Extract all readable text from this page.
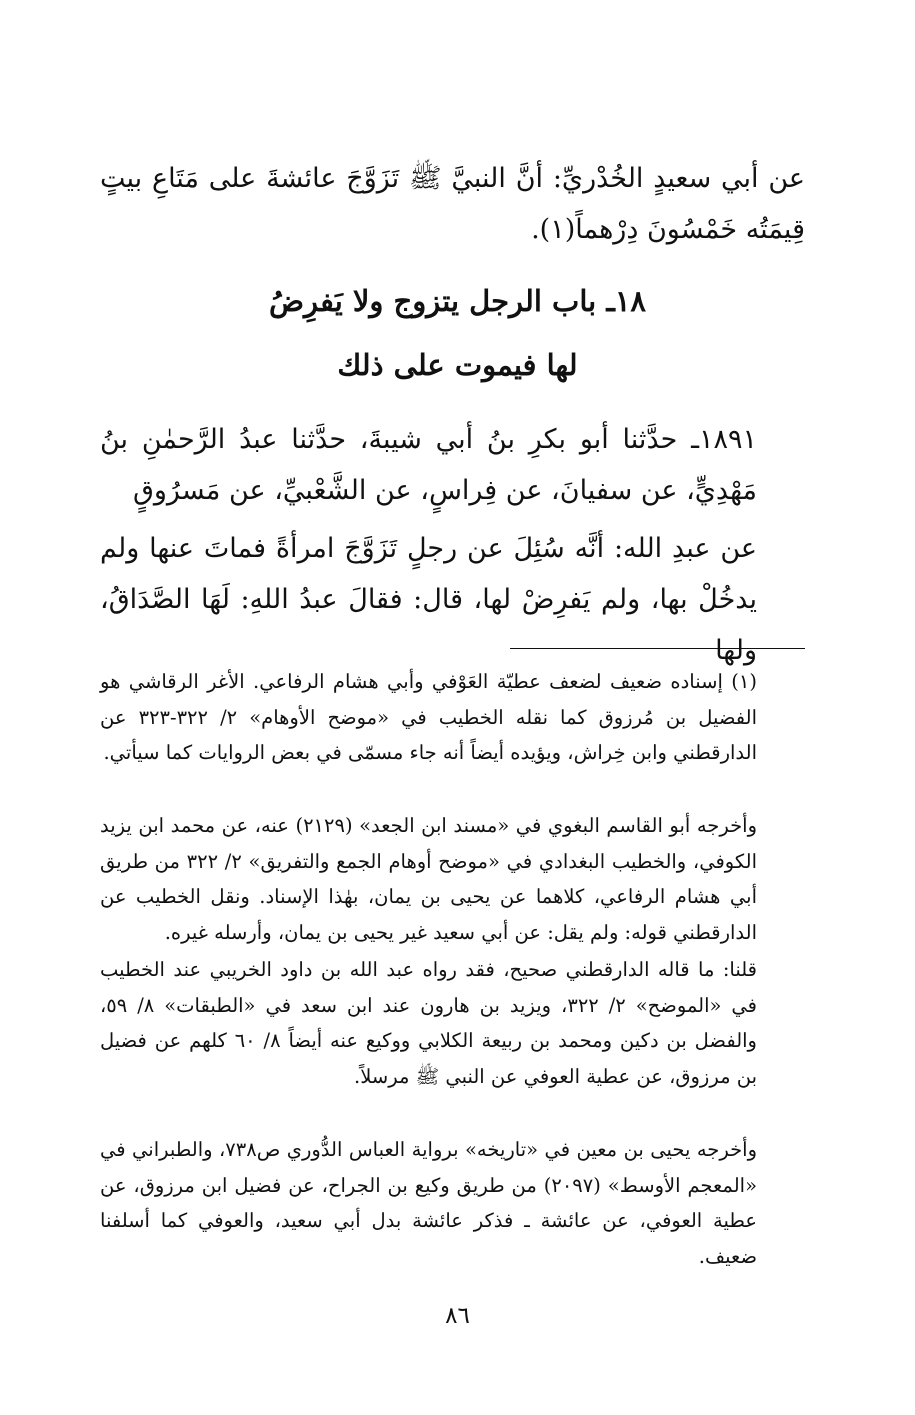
عن أبي سعيدٍ الخُدْريِّ: أنَّ النبيَّ ﷺ تَزَوَّجَ عائشةَ على مَتَاعِ بيتٍ قِيمَتُه خَمْسُونَ دِرْهماً(١).
١٨ـ باب الرجل يتزوج ولا يَفرِضُ
لها فيموت على ذلك
١٨٩١ـ حدَّثنا أبو بكرِ بنُ أبي شيبةَ، حدَّثنا عبدُ الرَّحمٰنِ بنُ مَهْدِيٍّ، عن سفيانَ، عن فِراسٍ، عن الشَّعْبيِّ، عن مَسرُوقٍ
عن عبدِ الله: أنَّه سُئِلَ عن رجلٍ تَزَوَّجَ امرأةً فماتَ عنها ولم يدخُلْ بها، ولم يَفرِضْ لها، قال: فقالَ عبدُ اللهِ: لَهَا الصَّدَاقُ، ولها
(١) إسناده ضعيف لضعف عطيّة العَوْفي وأبي هشام الرفاعي. الأغر الرقاشي هو الفضيل بن مُرزوق كما نقله الخطيب في «موضح الأوهام» ٢/ ٣٢٢-٣٢٣ عن الدارقطني وابن خِراش، ويؤيده أيضاً أنه جاء مسمّى في بعض الروايات كما سيأتي.
وأخرجه أبو القاسم البغوي في «مسند ابن الجعد» (٢١٢٩) عنه، عن محمد ابن يزيد الكوفي، والخطيب البغدادي في «موضح أوهام الجمع والتفريق» ٢/ ٣٢٢ من طريق أبي هشام الرفاعي، كلاهما عن يحيى بن يمان، بهٰذا الإسناد. ونقل الخطيب عن الدارقطني قوله: ولم يقل: عن أبي سعيد غير يحيى بن يمان، وأرسله غيره.
قلنا: ما قاله الدارقطني صحيح، فقد رواه عبد الله بن داود الخريبي عند الخطيب في «الموضح» ٢/ ٣٢٢، ويزيد بن هارون عند ابن سعد في «الطبقات» ٨/ ٥٩، والفضل بن دكين ومحمد بن ربيعة الكلابي ووكيع عنه أيضاً ٨/ ٦٠ كلهم عن فضيل بن مرزوق، عن عطية العوفي عن النبي ﷺ مرسلاً.
وأخرجه يحيى بن معين في «تاريخه» برواية العباس الدُّوري ص٧٣٨، والطبراني في «المعجم الأوسط» (٢٠٩٧) من طريق وكيع بن الجراح، عن فضيل ابن مرزوق، عن عطية العوفي، عن عائشة ـ فذكر عائشة بدل أبي سعيد، والعوفي كما أسلفنا ضعيف.
٨٦
